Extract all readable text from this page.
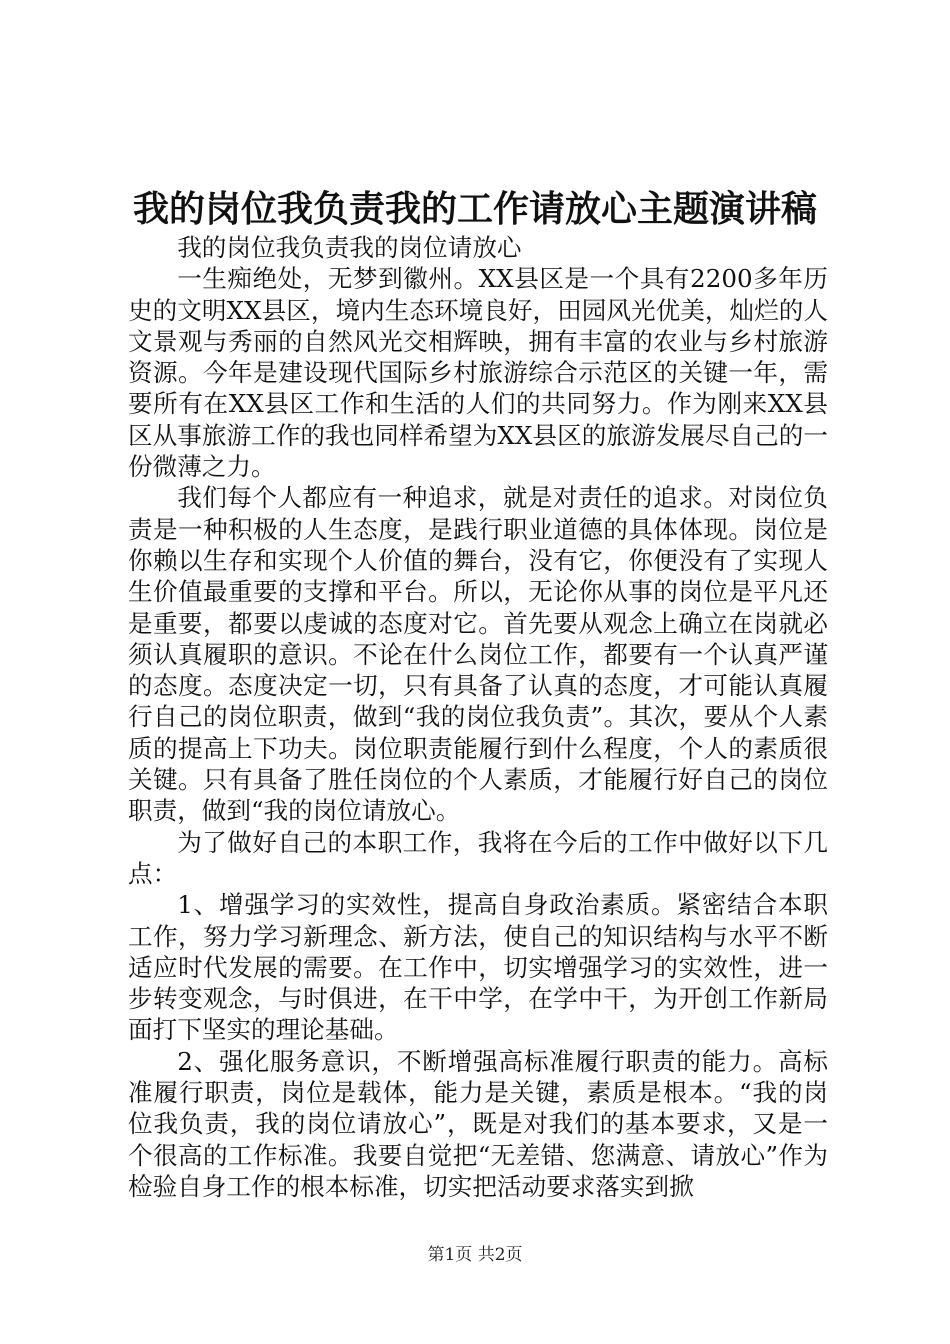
我的岗位我负责我的工作请放心主题演讲稿

我的岗位我负责我的岗位请放心

一生痴绝处，无梦到徽州。XX县区是一个具有2200多年历史的文明XX县区，境内生态环境良好，田园风光优美，灿烂的人文景观与秀丽的自然风光交相辉映，拥有丰富的农业与乡村旅游资源。今年是建设现代国际乡村旅游综合示范区的关键一年，需要所有在XX县区工作和生活的人们的共同努力。作为刚来XX县区从事旅游工作的我也同样希望为XX县区的旅游发展尽自己的一份微薄之力。

我们每个人都应有一种追求，就是对责任的追求。对岗位负责是一种积极的人生态度，是践行职业道德的具体体现。岗位是你赖以生存和实现个人价值的舞台，没有它，你便没有了实现人生价值最重要的支撑和平台。所以，无论你从事的岗位是平凡还是重要，都要以虔诚的态度对它。首先要从观念上确立在岗就必须认真履职的意识。不论在什么岗位工作，都要有一个认真严谨的态度。态度决定一切，只有具备了认真的态度，才可能认真履行自己的岗位职责，做到“我的岗位我负责”。其次，要从个人素质的提高上下功夫。岗位职责能履行到什么程度，个人的素质很关键。只有具备了胜任岗位的个人素质，才能履行好自己的岗位职责，做到“我的岗位请放心。

为了做好自己的本职工作，我将在今后的工作中做好以下几点：

1、增强学习的实效性，提高自身政治素质。紧密结合本职工作，努力学习新理念、新方法，使自己的知识结构与水平不断适应时代发展的需要。在工作中，切实增强学习的实效性，进一步转变观念，与时俱进，在干中学，在学中干，为开创工作新局面打下坚实的理论基础。

2、强化服务意识，不断增强高标准履行职责的能力。高标准履行职责，岗位是载体，能力是关键，素质是根本。“我的岗位我负责，我的岗位请放心”，既是对我们的基本要求，又是一个很高的工作标准。我要自觉把“无差错、您满意、请放心”作为检验自身工作的根本标准，切实把活动要求落实到掀

第1页 共2页
